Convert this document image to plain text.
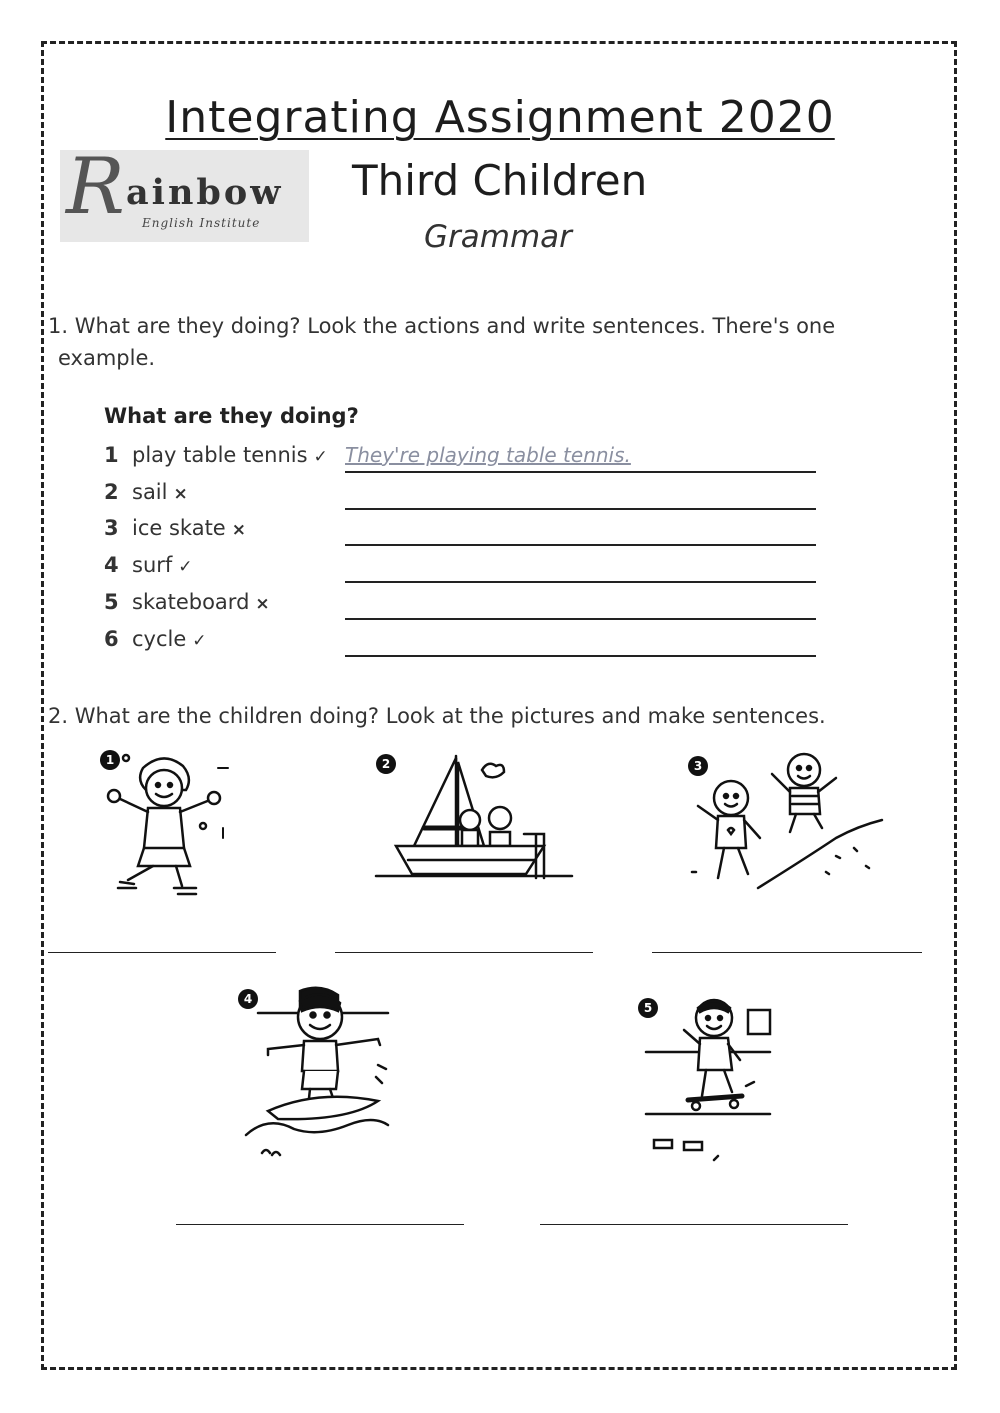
R ainbow
English Institute
Integrating Assignment 2020
Third Children
Grammar
1. What are they doing? Look the actions and write sentences. There's one
example.
What are they doing?
1 play table tennis ✓ They're playing table tennis.
2 sail ×
3 ice skate ×
4 surf ✓
5 skateboard ×
6 cycle ✓
2. What are the children doing? Look at the pictures and make sentences.
1	2	3
4
5
